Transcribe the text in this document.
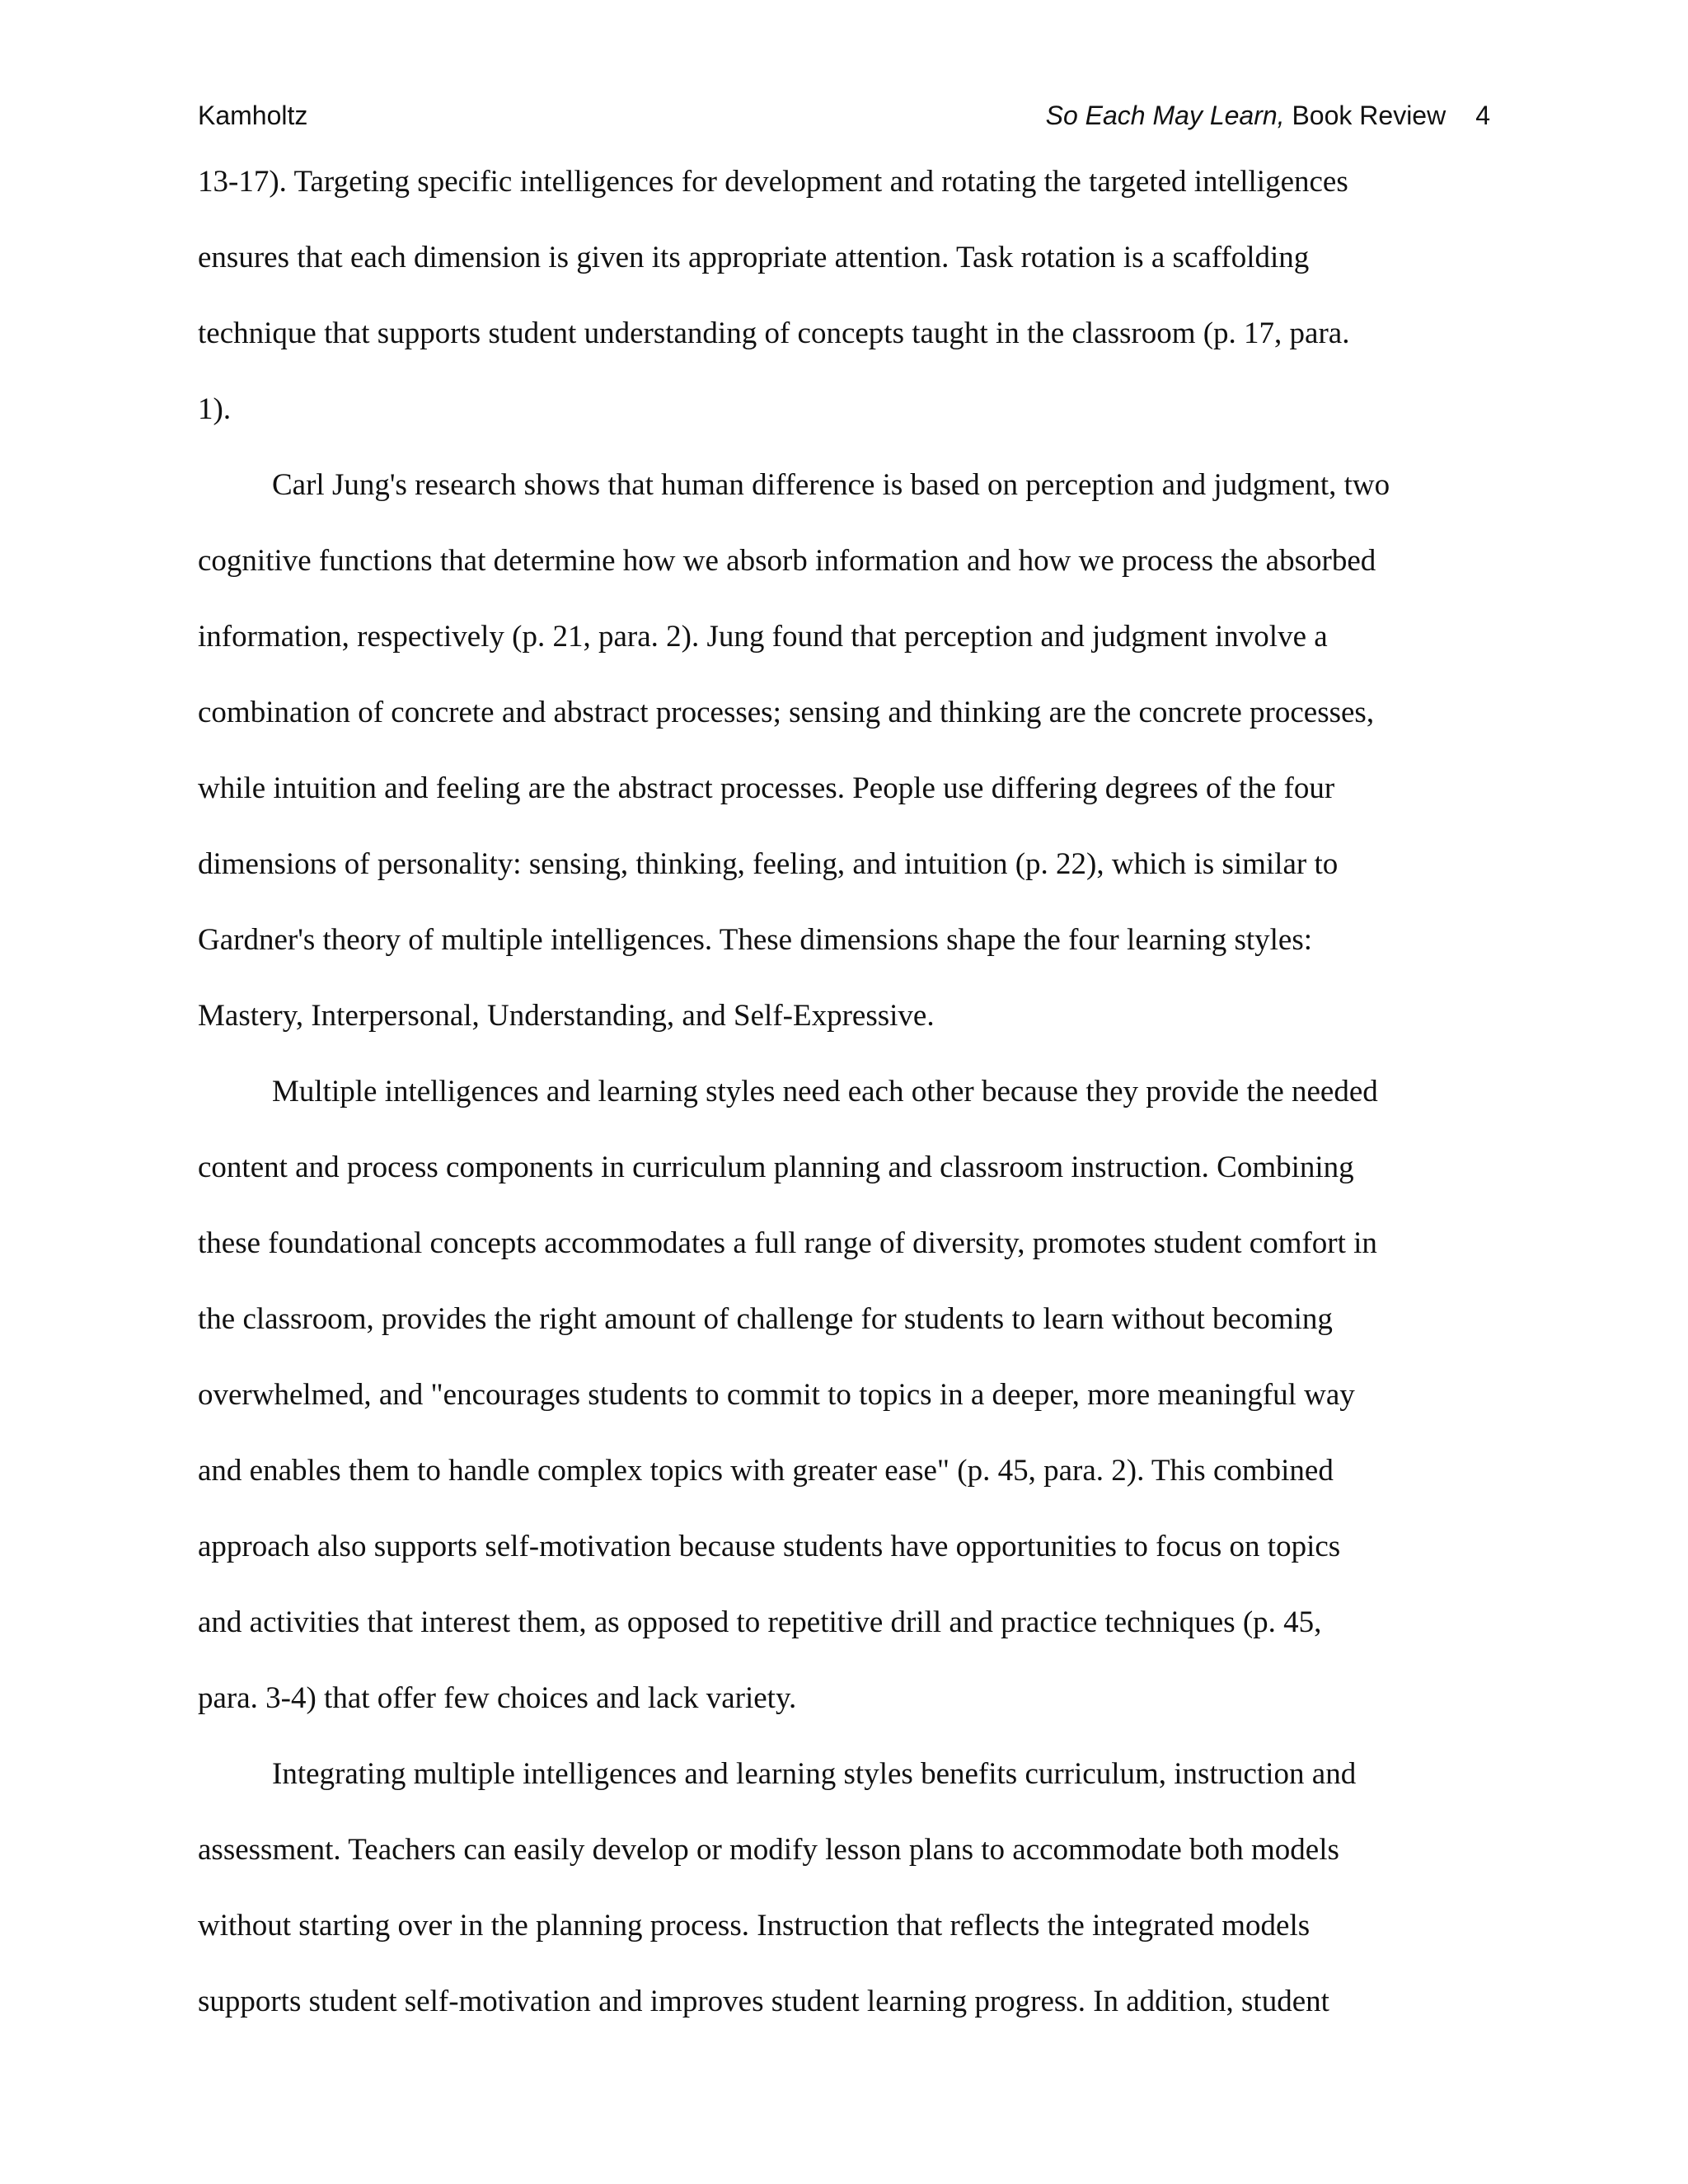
Kamholtz	So Each May Learn, Book Review 4
13-17). Targeting specific intelligences for development and rotating the targeted intelligences
ensures that each dimension is given its appropriate attention. Task rotation is a scaffolding
technique that supports student understanding of concepts taught in the classroom (p. 17, para.
1).
Carl Jung's research shows that human difference is based on perception and judgment, two
cognitive functions that determine how we absorb information and how we process the absorbed
information, respectively (p. 21, para. 2). Jung found that perception and judgment involve a
combination of concrete and abstract processes; sensing and thinking are the concrete processes,
while intuition and feeling are the abstract processes. People use differing degrees of the four
dimensions of personality: sensing, thinking, feeling, and intuition (p. 22), which is similar to
Gardner's theory of multiple intelligences. These dimensions shape the four learning styles:
Mastery, Interpersonal, Understanding, and Self-Expressive.
Multiple intelligences and learning styles need each other because they provide the needed
content and process components in curriculum planning and classroom instruction. Combining
these foundational concepts accommodates a full range of diversity, promotes student comfort in
the classroom, provides the right amount of challenge for students to learn without becoming
overwhelmed, and "encourages students to commit to topics in a deeper, more meaningful way
and enables them to handle complex topics with greater ease" (p. 45, para. 2). This combined
approach also supports self-motivation because students have opportunities to focus on topics
and activities that interest them, as opposed to repetitive drill and practice techniques (p. 45,
para. 3-4) that offer few choices and lack variety.
Integrating multiple intelligences and learning styles benefits curriculum, instruction and
assessment. Teachers can easily develop or modify lesson plans to accommodate both models
without starting over in the planning process. Instruction that reflects the integrated models
supports student self-motivation and improves student learning progress. In addition, student
